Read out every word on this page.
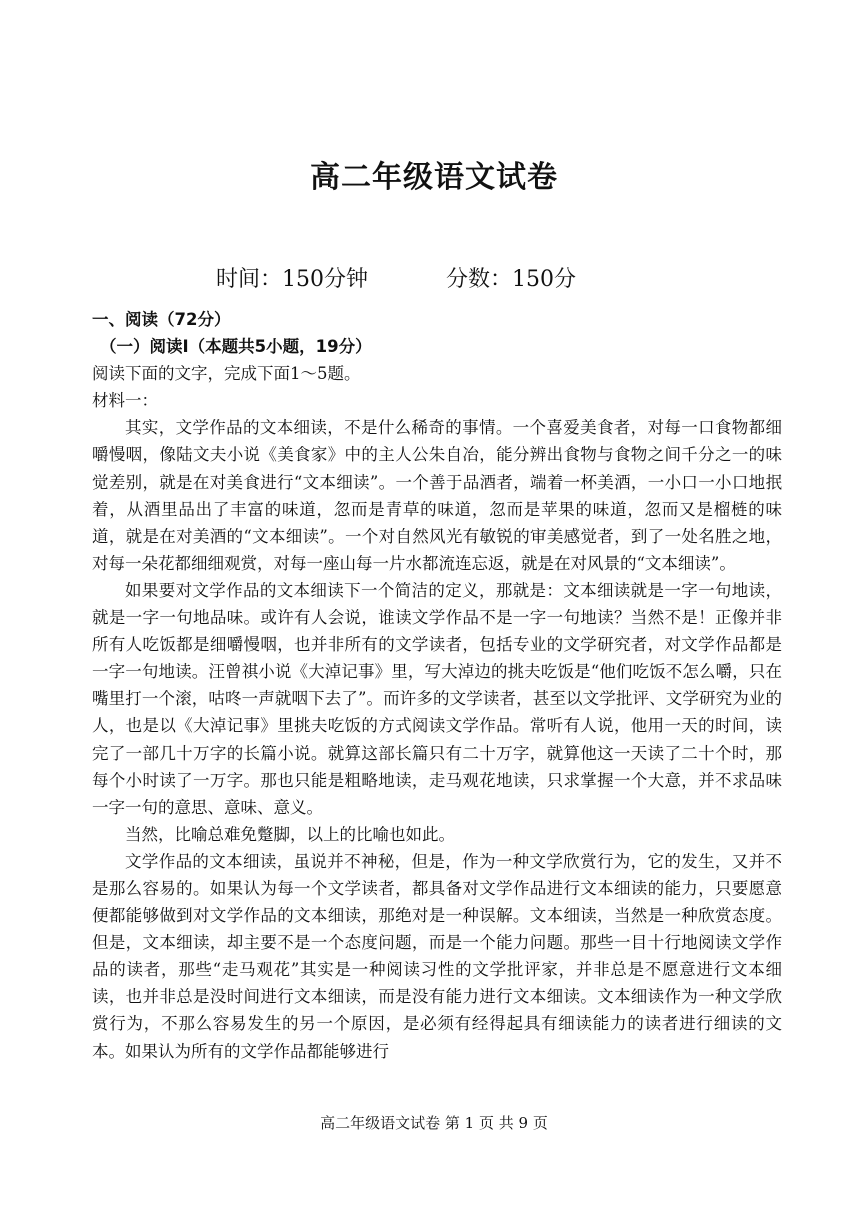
高二年级语文试卷
时间：150分钟	分数：150分

一、阅读（72分）

（一）阅读Ⅰ（本题共5小题，19分）

阅读下面的文字，完成下面1～5题。

材料一：

其实，文学作品的文本细读，不是什么稀奇的事情。一个喜爱美食者，对每一口食物都细嚼慢咽，像陆文夫小说《美食家》中的主人公朱自冶，能分辨出食物与食物之间千分之一的味觉差别，就是在对美食进行“文本细读”。一个善于品酒者，端着一杯美酒，一小口一小口地抿着，从酒里品出了丰富的味道，忽而是青草的味道，忽而是苹果的味道，忽而又是榴梿的味道，就是在对美酒的“文本细读”。一个对自然风光有敏锐的审美感觉者，到了一处名胜之地，对每一朵花都细细观赏，对每一座山每一片水都流连忘返，就是在对风景的“文本细读”。

如果要对文学作品的文本细读下一个简洁的定义，那就是：文本细读就是一字一句地读，就是一字一句地品味。或许有人会说，谁读文学作品不是一字一句地读？当然不是！正像并非所有人吃饭都是细嚼慢咽，也并非所有的文学读者，包括专业的文学研究者，对文学作品都是一字一句地读。汪曾祺小说《大淖记事》里，写大淖边的挑夫吃饭是“他们吃饭不怎么嚼，只在嘴里打一个滚，咕咚一声就咽下去了”。而许多的文学读者，甚至以文学批评、文学研究为业的人，也是以《大淖记事》里挑夫吃饭的方式阅读文学作品。常听有人说，他用一天的时间，读完了一部几十万字的长篇小说。就算这部长篇只有二十万字，就算他这一天读了二十个时，那每个小时读了一万字。那也只能是粗略地读，走马观花地读，只求掌握一个大意，并不求品味一字一句的意思、意味、意义。

当然，比喻总难免蹩脚，以上的比喻也如此。

文学作品的文本细读，虽说并不神秘，但是，作为一种文学欣赏行为，它的发生，又并不是那么容易的。如果认为每一个文学读者，都具备对文学作品进行文本细读的能力，只要愿意便都能够做到对文学作品的文本细读，那绝对是一种误解。文本细读，当然是一种欣赏态度。但是，文本细读，却主要不是一个态度问题，而是一个能力问题。那些一目十行地阅读文学作品的读者，那些“走马观花”其实是一种阅读习性的文学批评家，并非总是不愿意进行文本细读，也并非总是没时间进行文本细读，而是没有能力进行文本细读。文本细读作为一种文学欣赏行为，不那么容易发生的另一个原因，是必须有经得起具有细读能力的读者进行细读的文本。如果认为所有的文学作品都能够进行

高二年级语文试卷 第 1 页 共 9 页
